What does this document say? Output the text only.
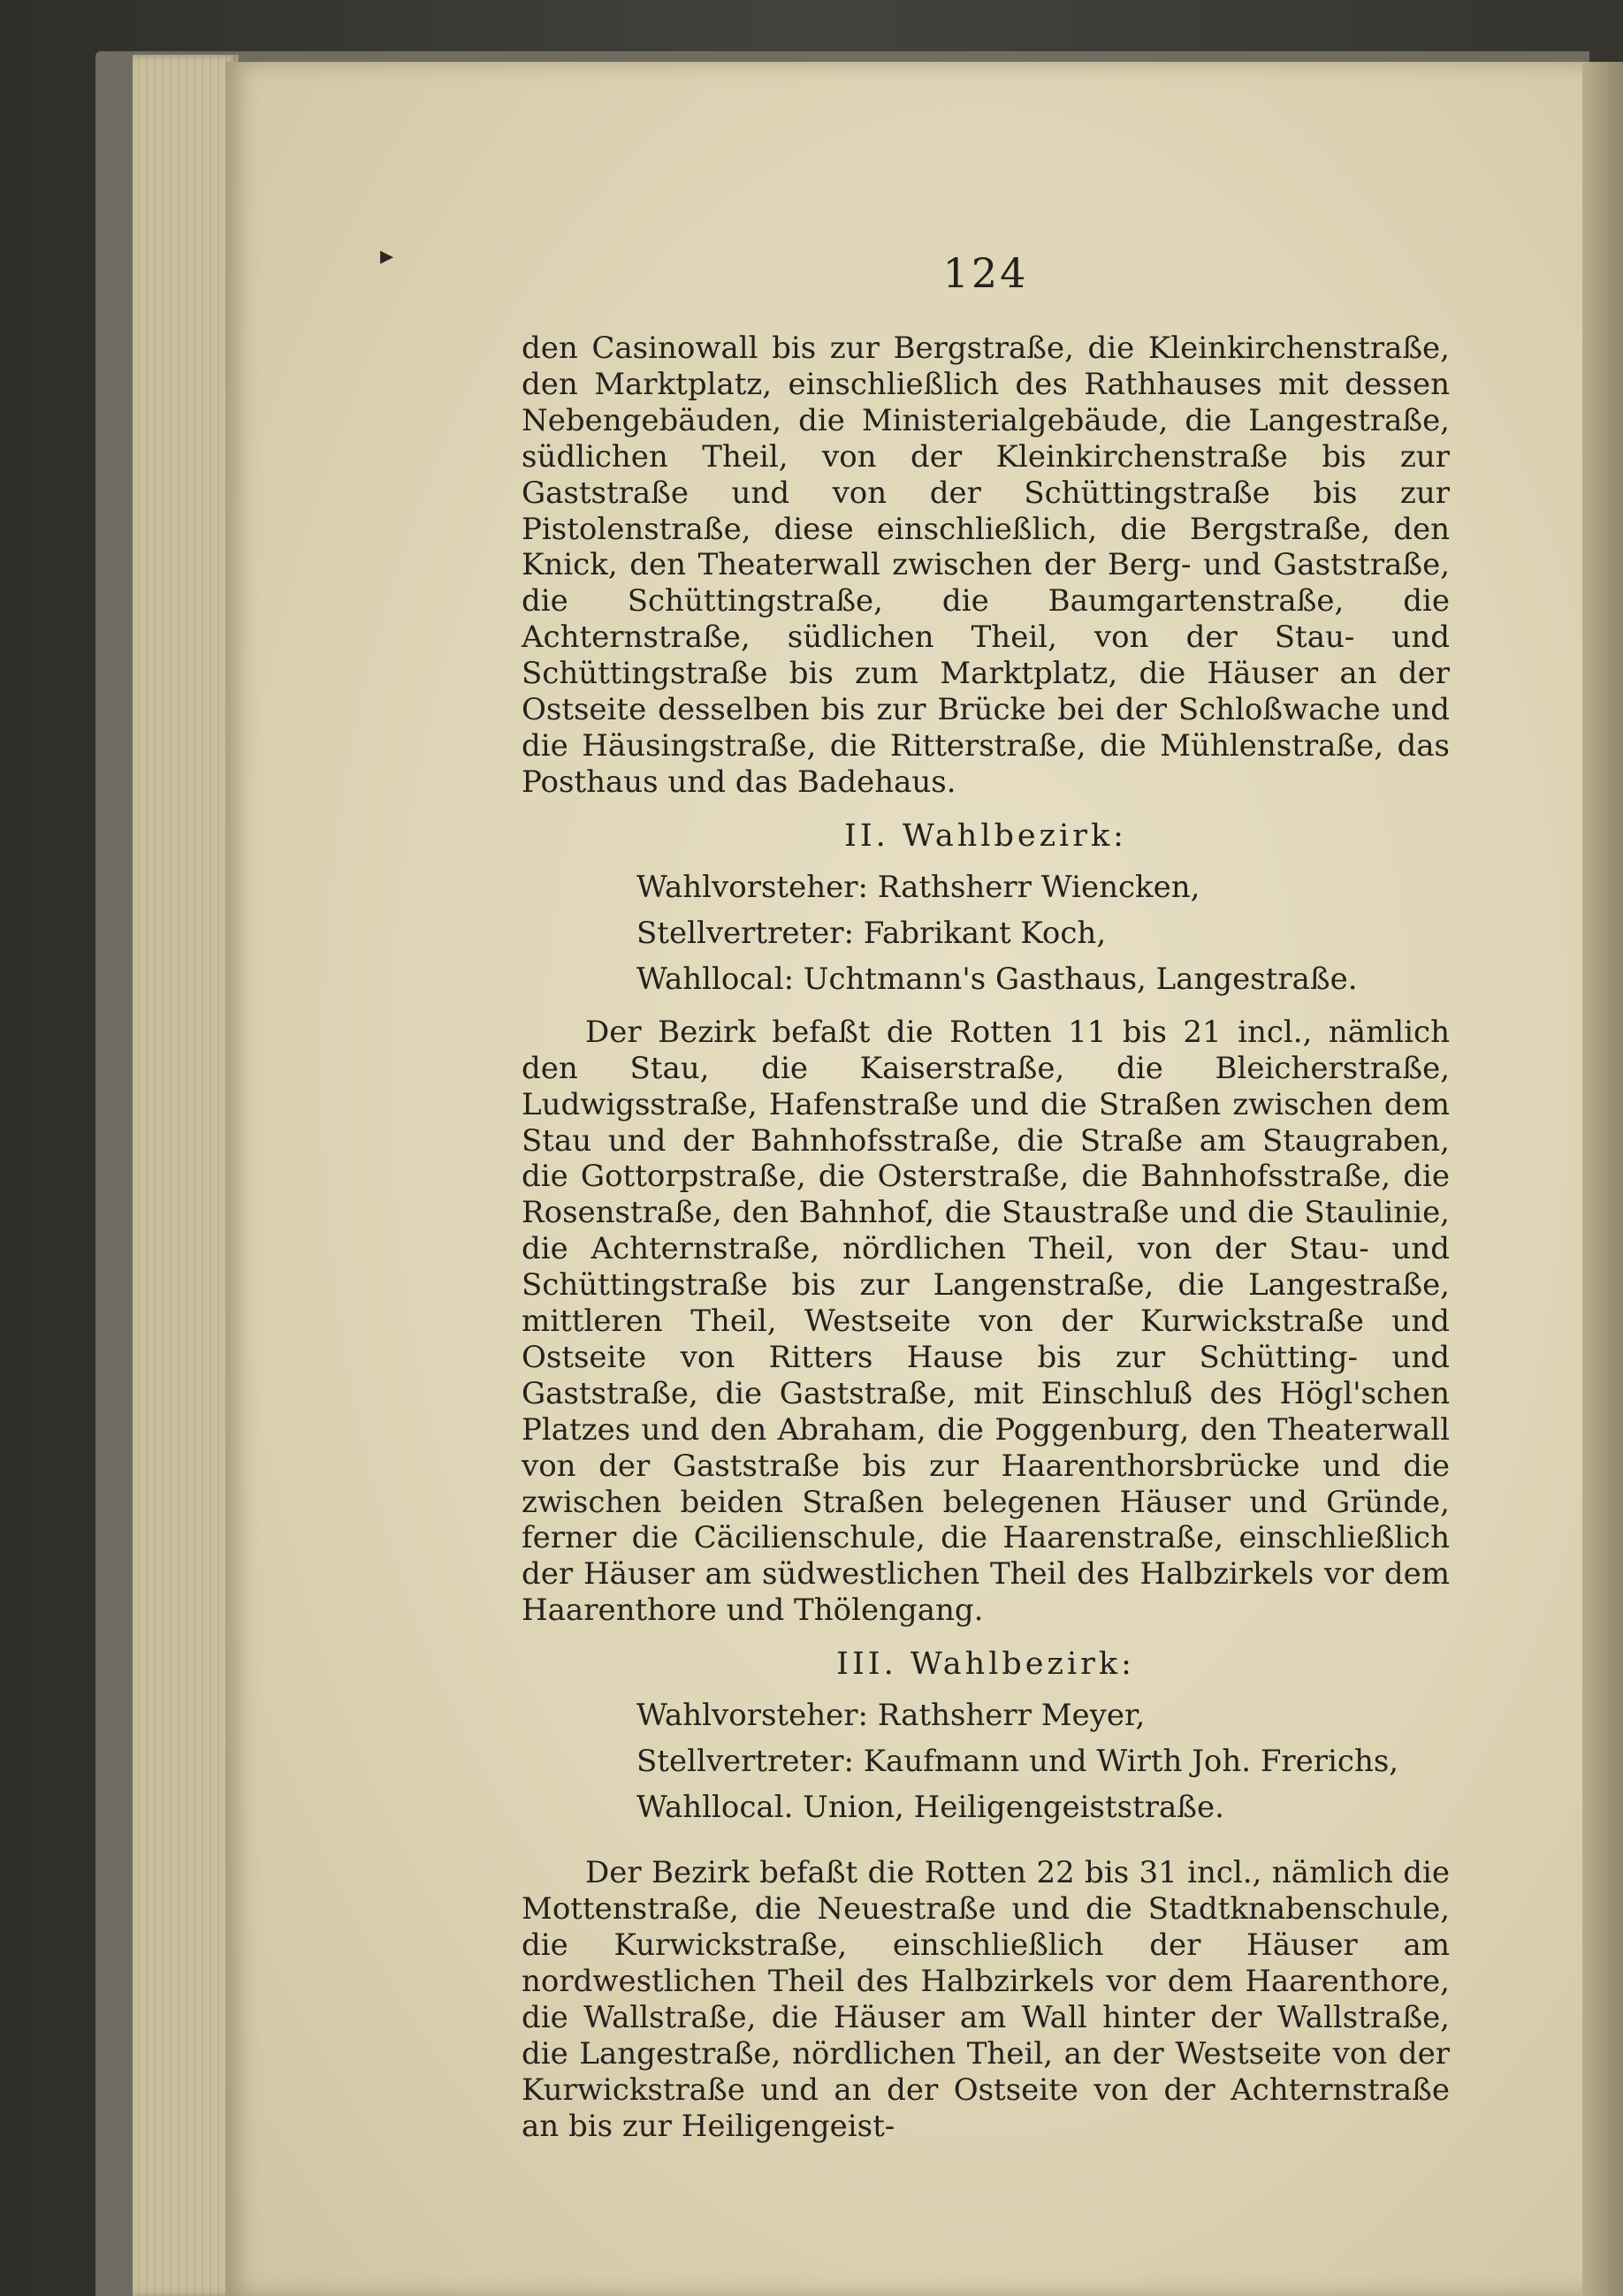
▸	124

den Casinowall bis zur Bergstraße, die Kleinkirchenstraße, den Marktplatz, einschließlich des Rathhauses mit dessen Nebengebäuden, die Ministerialgebäude, die Langestraße, südlichen Theil, von der Kleinkirchenstraße bis zur Gaststraße und von der Schüttingstraße bis zur Pistolenstraße, diese einschließlich, die Bergstraße, den Knick, den Theaterwall zwischen der Berg- und Gaststraße, die Schüttingstraße, die Baumgartenstraße, die Achternstraße, südlichen Theil, von der Stau- und Schüttingstraße bis zum Marktplatz, die Häuser an der Ostseite desselben bis zur Brücke bei der Schloßwache und die Häusingstraße, die Ritterstraße, die Mühlenstraße, das Posthaus und das Badehaus.

II. Wahlbezirk:
Wahlvorsteher: Rathsherr Wiencken,
Stellvertreter: Fabrikant Koch,
Wahllocal: Uchtmann's Gasthaus, Langestraße.

Der Bezirk befaßt die Rotten 11 bis 21 incl., nämlich den Stau, die Kaiserstraße, die Bleicherstraße, Ludwigsstraße, Hafenstraße und die Straßen zwischen dem Stau und der Bahnhofsstraße, die Straße am Staugraben, die Gottorpstraße, die Osterstraße, die Bahnhofsstraße, die Rosenstraße, den Bahnhof, die Staustraße und die Staulinie, die Achternstraße, nördlichen Theil, von der Stau- und Schüttingstraße bis zur Langenstraße, die Langestraße, mittleren Theil, Westseite von der Kurwickstraße und Ostseite von Ritters Hause bis zur Schütting- und Gaststraße, die Gaststraße, mit Einschluß des Högl'schen Platzes und den Abraham, die Poggenburg, den Theaterwall von der Gaststraße bis zur Haarenthorsbrücke und die zwischen beiden Straßen belegenen Häuser und Gründe, ferner die Cäcilienschule, die Haarenstraße, einschließlich der Häuser am südwestlichen Theil des Halbzirkels vor dem Haarenthore und Thölengang.

III. Wahlbezirk:
Wahlvorsteher: Rathsherr Meyer,
Stellvertreter: Kaufmann und Wirth Joh. Frerichs,
Wahllocal. Union, Heiligengeiststraße.

Der Bezirk befaßt die Rotten 22 bis 31 incl., nämlich die Mottenstraße, die Neuestraße und die Stadtknabenschule, die Kurwickstraße, einschließlich der Häuser am nordwestlichen Theil des Halbzirkels vor dem Haarenthore, die Wallstraße, die Häuser am Wall hinter der Wallstraße, die Langestraße, nördlichen Theil, an der Westseite von der Kurwickstraße und an der Ostseite von der Achternstraße an bis zur Heiligengeist-
